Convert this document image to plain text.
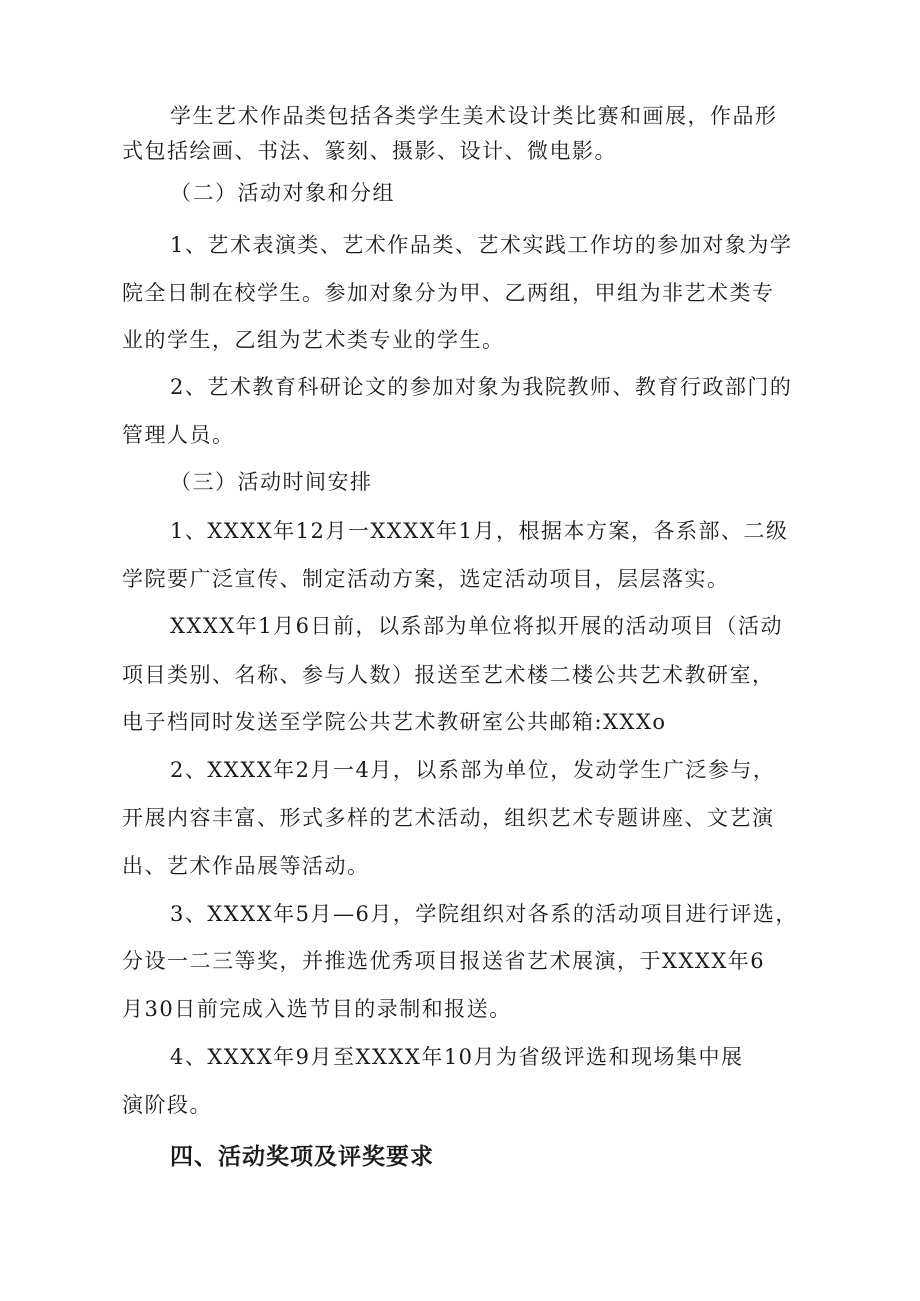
学生艺术作品类包括各类学生美术设计类比赛和画展，作品形
式包括绘画、书法、篆刻、摄影、设计、微电影。
（二）活动对象和分组
1、艺术表演类、艺术作品类、艺术实践工作坊的参加对象为学
院全日制在校学生。参加对象分为甲、乙两组，甲组为非艺术类专
业的学生，乙组为艺术类专业的学生。
2、艺术教育科研论文的参加对象为我院教师、教育行政部门的
管理人员。
（三）活动时间安排
1、XXXX年12月一XXXX年1月，根据本方案，各系部、二级
学院要广泛宣传、制定活动方案，选定活动项目，层层落实。
XXXX年1月6日前，以系部为单位将拟开展的活动项目（活动
项目类别、名称、参与人数）报送至艺术楼二楼公共艺术教研室，
电子档同时发送至学院公共艺术教研室公共邮箱:XXXo
2、XXXX年2月一4月，以系部为单位，发动学生广泛参与，
开展内容丰富、形式多样的艺术活动，组织艺术专题讲座、文艺演
出、艺术作品展等活动。
3、XXXX年5月—6月，学院组织对各系的活动项目进行评选，
分设一二三等奖，并推选优秀项目报送省艺术展演，于XXXX年6
月30日前完成入选节目的录制和报送。
4、XXXX年9月至XXXX年10月为省级评选和现场集中展
演阶段。
四、活动奖项及评奖要求
